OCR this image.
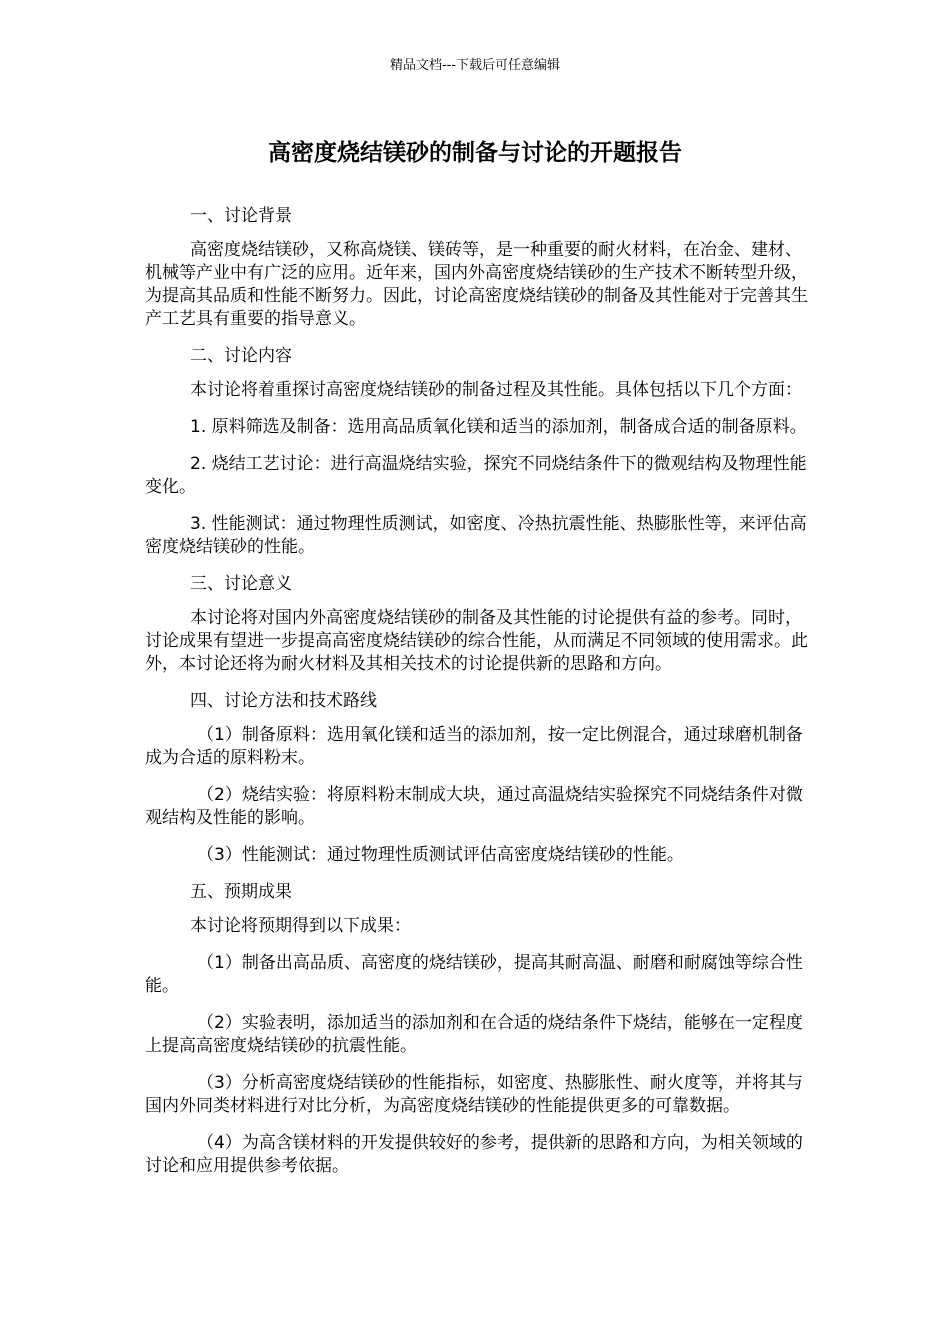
精品文档---下载后可任意编辑
高密度烧结镁砂的制备与讨论的开题报告

一、讨论背景

高密度烧结镁砂，又称高烧镁、镁砖等，是一种重要的耐火材料，在冶金、建材、机械等产业中有广泛的应用。近年来，国内外高密度烧结镁砂的生产技术不断转型升级，为提高其品质和性能不断努力。因此，讨论高密度烧结镁砂的制备及其性能对于完善其生产工艺具有重要的指导意义。

二、讨论内容

本讨论将着重探讨高密度烧结镁砂的制备过程及其性能。具体包括以下几个方面：

1. 原料筛选及制备：选用高品质氧化镁和适当的添加剂，制备成合适的制备原料。

2. 烧结工艺讨论：进行高温烧结实验，探究不同烧结条件下的微观结构及物理性能变化。

3. 性能测试：通过物理性质测试，如密度、冷热抗震性能、热膨胀性等，来评估高密度烧结镁砂的性能。

三、讨论意义

本讨论将对国内外高密度烧结镁砂的制备及其性能的讨论提供有益的参考。同时，讨论成果有望进一步提高高密度烧结镁砂的综合性能，从而满足不同领域的使用需求。此外，本讨论还将为耐火材料及其相关技术的讨论提供新的思路和方向。

四、讨论方法和技术路线

（1）制备原料：选用氧化镁和适当的添加剂，按一定比例混合，通过球磨机制备成为合适的原料粉末。

（2）烧结实验：将原料粉末制成大块，通过高温烧结实验探究不同烧结条件对微观结构及性能的影响。

（3）性能测试：通过物理性质测试评估高密度烧结镁砂的性能。

五、预期成果

本讨论将预期得到以下成果：

（1）制备出高品质、高密度的烧结镁砂，提高其耐高温、耐磨和耐腐蚀等综合性能。

（2）实验表明，添加适当的添加剂和在合适的烧结条件下烧结，能够在一定程度上提高高密度烧结镁砂的抗震性能。

（3）分析高密度烧结镁砂的性能指标，如密度、热膨胀性、耐火度等，并将其与国内外同类材料进行对比分析，为高密度烧结镁砂的性能提供更多的可靠数据。

（4）为高含镁材料的开发提供较好的参考，提供新的思路和方向，为相关领域的讨论和应用提供参考依据。
